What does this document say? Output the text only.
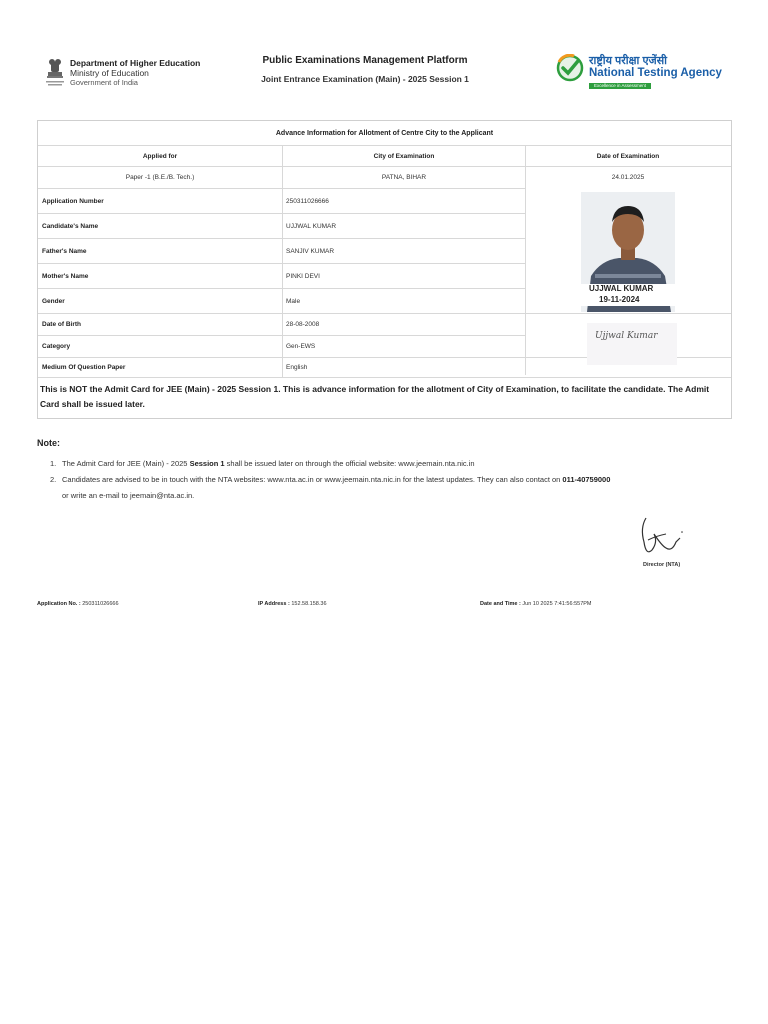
Department of Higher Education
Ministry of Education
Government of India
Public Examinations Management Platform
Joint Entrance Examination (Main) - 2025 Session 1
राष्ट्रीय परीक्षा एजेंसी
National Testing Agency
Excellence in Assessment
Advance Information for Allotment of Centre City to the Applicant
Applied for	City of Examination	Date of Examination
Paper -1 (B.E./B. Tech.)	PATNA, BIHAR	24.01.2025
Application Number	250311026666
Candidate's Name	UJJWAL KUMAR
Father's Name	SANJIV KUMAR
Mother's Name	PINKI DEVI
Gender	Male
Date of Birth	28-08-2008
Category	Gen-EWS
Medium Of Question Paper	English
UJJWAL KUMAR
19-11-2024
Ujjwal Kumar
This is NOT the Admit Card for JEE (Main) - 2025 Session 1. This is advance information for the allotment of City of Examination, to facilitate the candidate. The Admit Card shall be issued later.
Note:
1. The Admit Card for JEE (Main) - 2025 Session 1 shall be issued later on through the official website: www.jeemain.nta.nic.in
2. Candidates are advised to be in touch with the NTA websites: www.nta.ac.in or www.jeemain.nta.nic.in for the latest updates. They can also contact on 011-40759000
or write an e-mail to jeemain@nta.ac.in.
Director (NTA)
Application No. : 250311026666	IP Address : 152.58.158.36	Date and Time : Jun 10 2025 7:41:56:557PM
